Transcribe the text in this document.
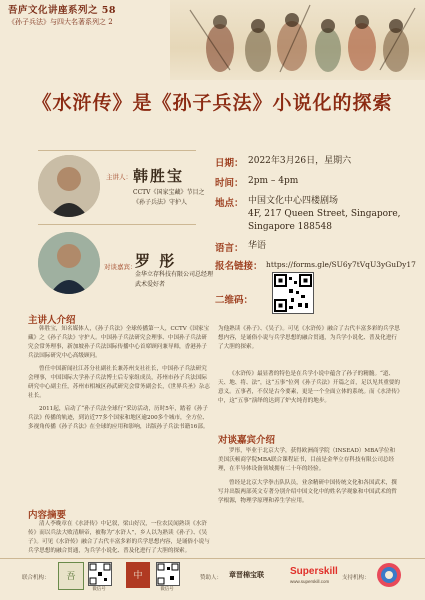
吾庐文化讲座系列之 58
《孙子兵法》与四大名著系列之 2
《水浒传》是《孙子兵法》小说化的探索
主讲人： 韩胜宝
CCTV《国家宝藏》节目之
《孙子兵法》守护人
对谈嘉宾：
罗 彤
金华立存科技有限公司总经理
武术爱好者
日期： 2022年3月26日，星期六
时间： 2pm – 4pm
地点： 中国文化中心四楼剧场
4F, 217 Queen Street, Singapore,
Singapore 188548
语言： 华语
报名链接： https://forms.gle/SU6y7tVqU3yGuDy17
二维码：
主讲人介绍

韩胜宝，知名媒体人，《孙子兵法》全球传播第一人，CCTV《国家宝藏》之《孙子兵法》守护人。中国孙子兵法研究会理事、中国孙子兵法研究会常务理事，新加坡孙子兵法国际传播中心首席顾问兼导师，香港孙子兵法国际研究中心高级顾问。

曾任中国新闻社江苏分社副社长兼苏州支社社长，中国孙子兵法研究会理事，中国国际大学孙子兵法博士后专家组成员，苏州市孙子兵法国际研究中心副主任，苏州市相城区孙武研究会常务副会长，《世界兵圣》杂志社长。

2011起，启动了“孙子兵法全球行”采访活动，历时5年，踏着《孙子兵法》传播的轨迹，到访近77多个国家和地区逾200多个城市，全方位、多视角传播《孙子兵法》在全球的应用和影响，出版孙子兵法书籍16部。

内容摘要

清人李晚章在《水浒传》中记叙，梁山好汉，一位农民闻熟读《水浒传》而以兵法大败清顺帝，被称为“水浒人”，乡人以为熟读《孙子》、《吴子》。可见《水浒传》融合了古代丰富多彩的兵学思想内容，是诵俗小说与兵学思想的融合贯通，为兵学小说化、普及化进行了大胆的探索。

为他熟读《孙子》、《吴子》。可见《水浒传》融合了古代丰富多彩的兵学思想内容，是诵俗小说与兵学思想的融合贯通，为兵学小说化、普及化进行了大胆的探索。

《水浒传》最显著的特色是在兵学小说中蕴含了孙子的精髓。“道、天、地、将、法”，这“五事”位列《孙子兵法》开篇之首，足以见其重要的意义。五事者，不仅是古今要素，更是一个全面立体的系统。而《水浒传》中，这“五事”演绎的达到了炉火纯青的地步。

对谈嘉宾介绍

罗彤，毕业于北京大学，获得欧洲商学院（INSEAD）MBA学位和美国沃顿商学院MBA联合课程证书，目前是金华立存科技有限公司总经理，在半导体设备领域拥有二十年的经验。

曾经是北京大学拳击队队员，业余精研中国传统文化和各国武术，撰写并出版两部英文专著分别介绍中国文化中的姓名学观象和中国武术的哲学根源，物理学原理和养生学应用。

联合机构： 吾
微信号
中
微信号
赞助人： 章晋棉宝联	Superskill
www.superskill.com
支持机构：
